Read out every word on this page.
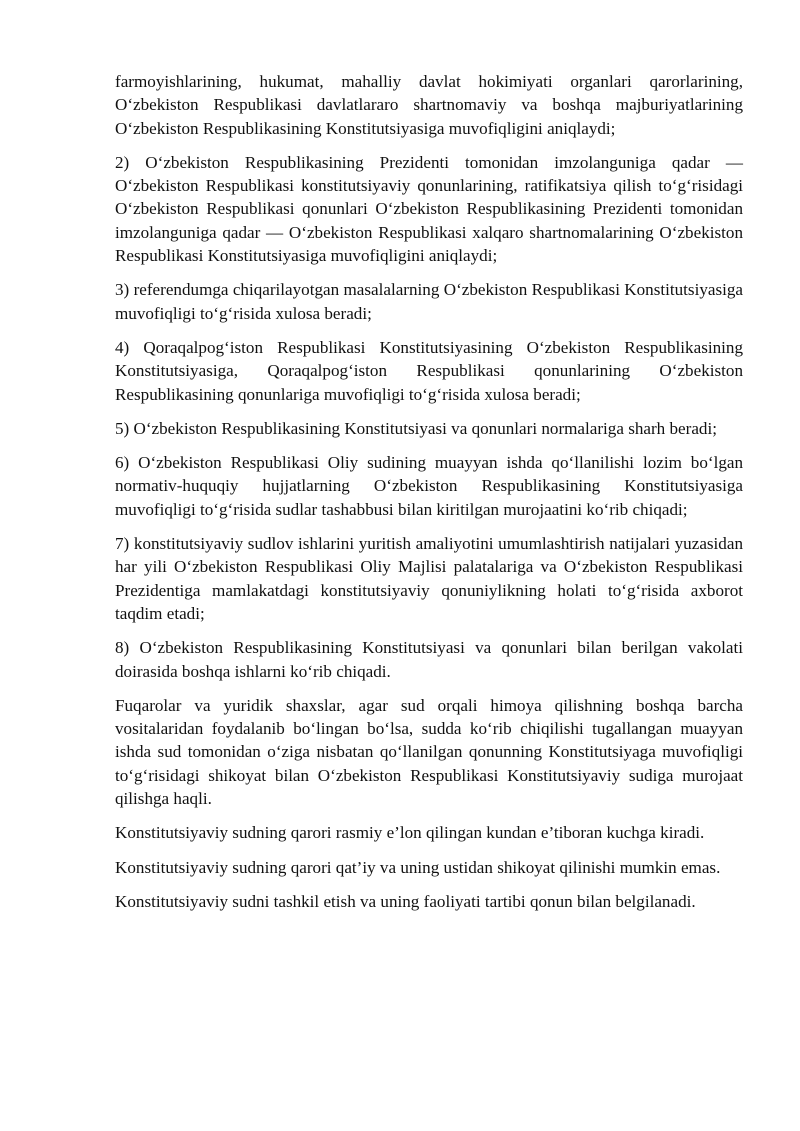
farmoyishlarining, hukumat, mahalliy davlat hokimiyati organlari qarorlarining, O‘zbekiston Respublikasi davlatlararo shartnomaviy va boshqa majburiyatlarining O‘zbekiston Respublikasining Konstitutsiyasiga muvofiqligini aniqlaydi;

2) O‘zbekiston Respublikasining Prezidenti tomonidan imzolanguniga qadar — O‘zbekiston Respublikasi konstitutsiyaviy qonunlarining, ratifikatsiya qilish to‘g‘risidagi O‘zbekiston Respublikasi qonunlari O‘zbekiston Respublikasining Prezidenti tomonidan imzolanguniga qadar — O‘zbekiston Respublikasi xalqaro shartnomalarining O‘zbekiston Respublikasi Konstitutsiyasiga muvofiqligini aniqlaydi;

3) referendumga chiqarilayotgan masalalarning O‘zbekiston Respublikasi Konstitutsiyasiga muvofiqligi to‘g‘risida xulosa beradi;

4) Qoraqalpog‘iston Respublikasi Konstitutsiyasining O‘zbekiston Respublikasining Konstitutsiyasiga, Qoraqalpog‘iston Respublikasi qonunlarining O‘zbekiston Respublikasining qonunlariga muvofiqligi to‘g‘risida xulosa beradi;

5) O‘zbekiston Respublikasining Konstitutsiyasi va qonunlari normalariga sharh beradi;

6) O‘zbekiston Respublikasi Oliy sudining muayyan ishda qo‘llanilishi lozim bo‘lgan normativ-huquqiy hujjatlarning O‘zbekiston Respublikasining Konstitutsiyasiga muvofiqligi to‘g‘risida sudlar tashabbusi bilan kiritilgan murojaatini ko‘rib chiqadi;

7) konstitutsiyaviy sudlov ishlarini yuritish amaliyotini umumlashtirish natijalari yuzasidan har yili O‘zbekiston Respublikasi Oliy Majlisi palatalariga va O‘zbekiston Respublikasi Prezidentiga mamlakatdagi konstitutsiyaviy qonuniylikning holati to‘g‘risida axborot taqdim etadi;

8) O‘zbekiston Respublikasining Konstitutsiyasi va qonunlari bilan berilgan vakolati doirasida boshqa ishlarni ko‘rib chiqadi.

Fuqarolar va yuridik shaxslar, agar sud orqali himoya qilishning boshqa barcha vositalaridan foydalanib bo‘lingan bo‘lsa, sudda ko‘rib chiqilishi tugallangan muayyan ishda sud tomonidan o‘ziga nisbatan qo‘llanilgan qonunning Konstitutsiyaga muvofiqligi to‘g‘risidagi shikoyat bilan O‘zbekiston Respublikasi Konstitutsiyaviy sudiga murojaat qilishga haqli.

Konstitutsiyaviy sudning qarori rasmiy e’lon qilingan kundan e’tiboran kuchga kiradi.

Konstitutsiyaviy sudning qarori qat’iy va uning ustidan shikoyat qilinishi mumkin emas.

Konstitutsiyaviy sudni tashkil etish va uning faoliyati tartibi qonun bilan belgilanadi.
